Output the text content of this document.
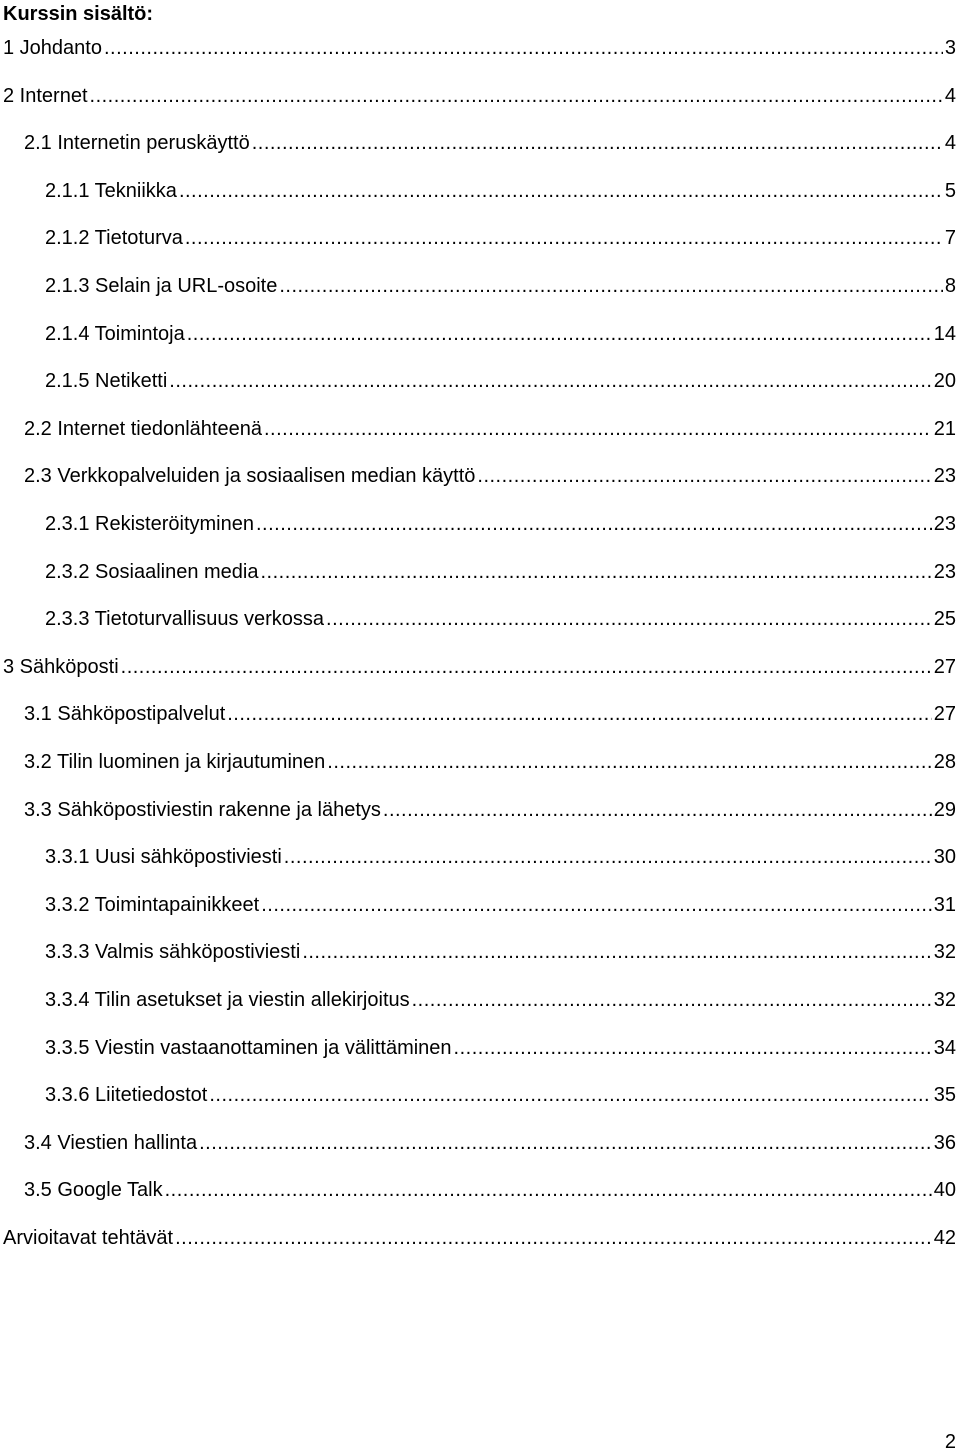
Kurssin sisältö:
1 Johdanto .....	3
2 Internet .....	4
2.1 Internetin peruskäyttö .....	4
2.1.1 Tekniikka .....	5
2.1.2 Tietoturva .....	7
2.1.3 Selain ja URL-osoite .....	8
2.1.4 Toimintoja .....	14
2.1.5 Netiketti .....	20
2.2 Internet tiedonlähteenä .....	21
2.3 Verkkopalveluiden ja sosiaalisen median käyttö .....	23
2.3.1 Rekisteröityminen .....	23
2.3.2 Sosiaalinen media .....	23
2.3.3 Tietoturvallisuus verkossa .....	25
3 Sähköposti .....	27
3.1 Sähköpostipalvelut .....	27
3.2 Tilin luominen ja kirjautuminen .....	28
3.3 Sähköpostiviestin rakenne ja lähetys .....	29
3.3.1 Uusi sähköpostiviesti .....	30
3.3.2 Toimintapainikkeet .....	31
3.3.3 Valmis sähköpostiviesti .....	32
3.3.4 Tilin asetukset ja viestin allekirjoitus .....	32
3.3.5 Viestin vastaanottaminen ja välittäminen .....	34
3.3.6 Liitetiedostot .....	35
3.4 Viestien hallinta .....	36
3.5 Google Talk .....	40
Arvioitavat tehtävät .....	42
2
